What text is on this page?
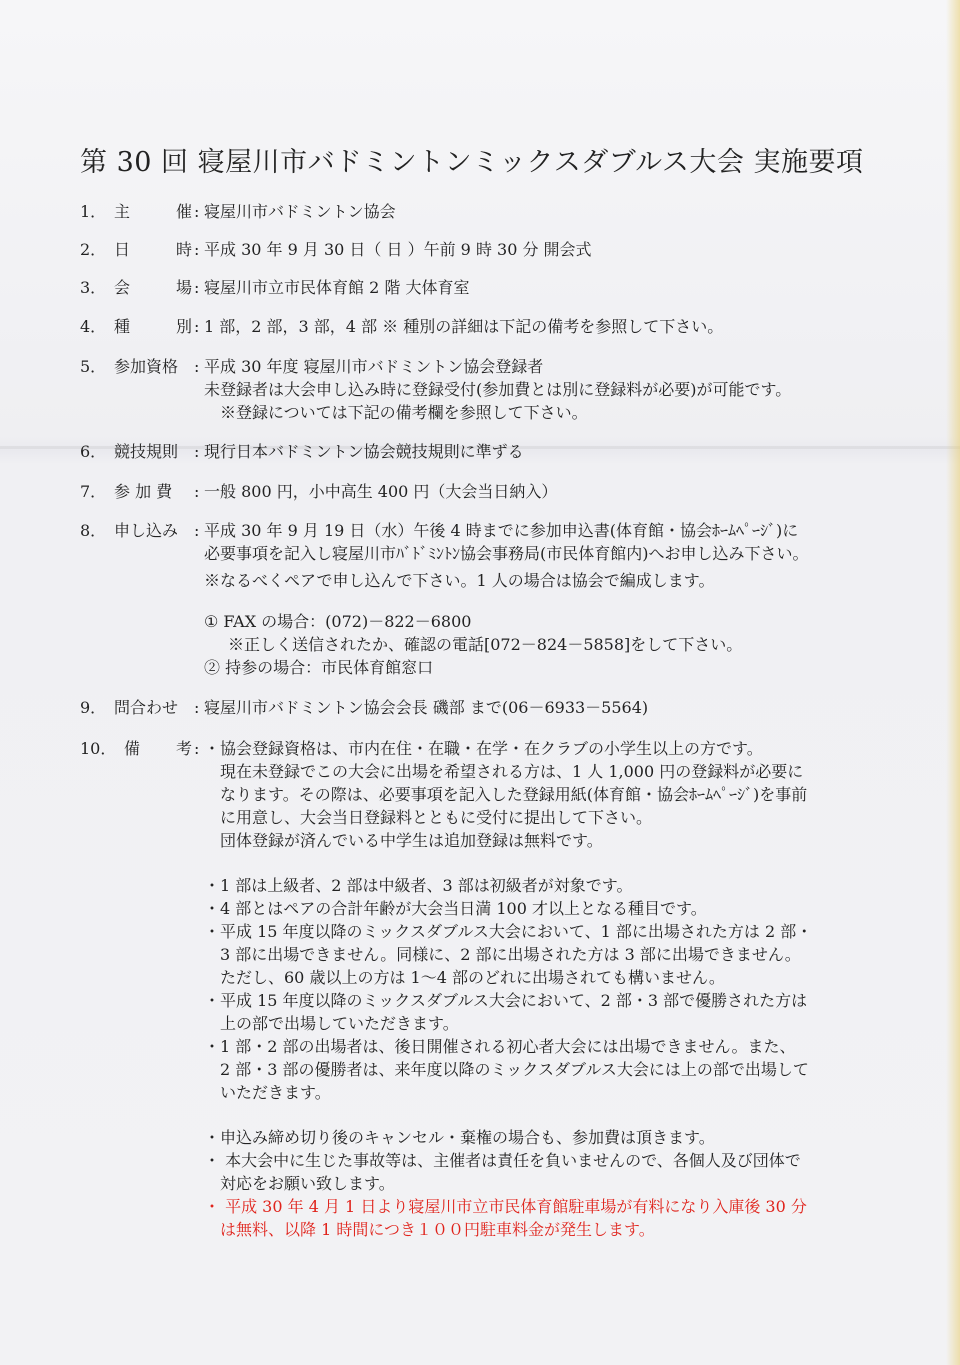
第 30 回 寝屋川市バドミントンミックスダブルス大会 実施要項
1． 主	催 : 寝屋川市バドミントン協会
2． 日	時 : 平成 30 年 9 月 30 日（ 日 ）午前 9 時 30 分 開会式
3． 会	場 : 寝屋川市立市民体育館 2 階 大体育室
4． 種	別 : 1 部，2 部，3 部，4 部 ※ 種別の詳細は下記の備考を参照して下さい。
5． 参加資格 : 平成 30 年度 寝屋川市バドミントン協会登録者
未登録者は大会申し込み時に登録受付(参加費とは別に登録料が必要)が可能です。
※登録については下記の備考欄を参照して下さい。
6． 競技規則 : 現行日本バドミントン協会競技規則に準ずる
7． 参 加 費	: 一般 800 円，小中高生 400 円（大会当日納入）
8． 申し込み : 平成 30 年 9 月 19 日（水）午後 4 時までに参加申込書(体育館・協会ﾎｰﾑﾍﾟｰｼﾞ)に
必要事項を記入し寝屋川市ﾊﾞﾄﾞﾐﾝﾄﾝ協会事務局(市民体育館内)へお申し込み下さい。
※なるべくペアで申し込んで下さい。1 人の場合は協会で編成します。
① FAX の場合：(072)－822－6800
※正しく送信されたか、確認の電話[072－824－5858]をして下さい。
② 持参の場合：市民体育館窓口
9． 問合わせ : 寝屋川市バドミントン協会会長 磯部 まで(06－6933－5564)
10． 備 考 : ・協会登録資格は、市内在住・在職・在学・在クラブの小学生以上の方です。
現在未登録でこの大会に出場を希望される方は、1 人 1,000 円の登録料が必要に
なります。その際は、必要事項を記入した登録用紙(体育館・協会ﾎｰﾑﾍﾟｰｼﾞ)を事前
に用意し、大会当日登録料とともに受付に提出して下さい。
団体登録が済んでいる中学生は追加登録は無料です。
・1 部は上級者、2 部は中級者、3 部は初級者が対象です。
・4 部とはペアの合計年齢が大会当日満 100 才以上となる種目です。
・平成 15 年度以降のミックスダブルス大会において、1 部に出場された方は 2 部・
3 部に出場できません。同様に、2 部に出場された方は 3 部に出場できません。
ただし、60 歳以上の方は 1～4 部のどれに出場されても構いません。
・平成 15 年度以降のミックスダブルス大会において、2 部・3 部で優勝された方は
上の部で出場していただきます。
・1 部・2 部の出場者は、後日開催される初心者大会には出場できません。また、
2 部・3 部の優勝者は、来年度以降のミックスダブルス大会には上の部で出場して
いただきます。
・申込み締め切り後のキャンセル・棄権の場合も、参加費は頂きます。
・ 本大会中に生じた事故等は、主催者は責任を負いませんので、各個人及び団体で
対応をお願い致します。
・ 平成 30 年 4 月 1 日より寝屋川市立市民体育館駐車場が有料になり入庫後 30 分
は無料、以降 1 時間につき１００円駐車料金が発生します。
